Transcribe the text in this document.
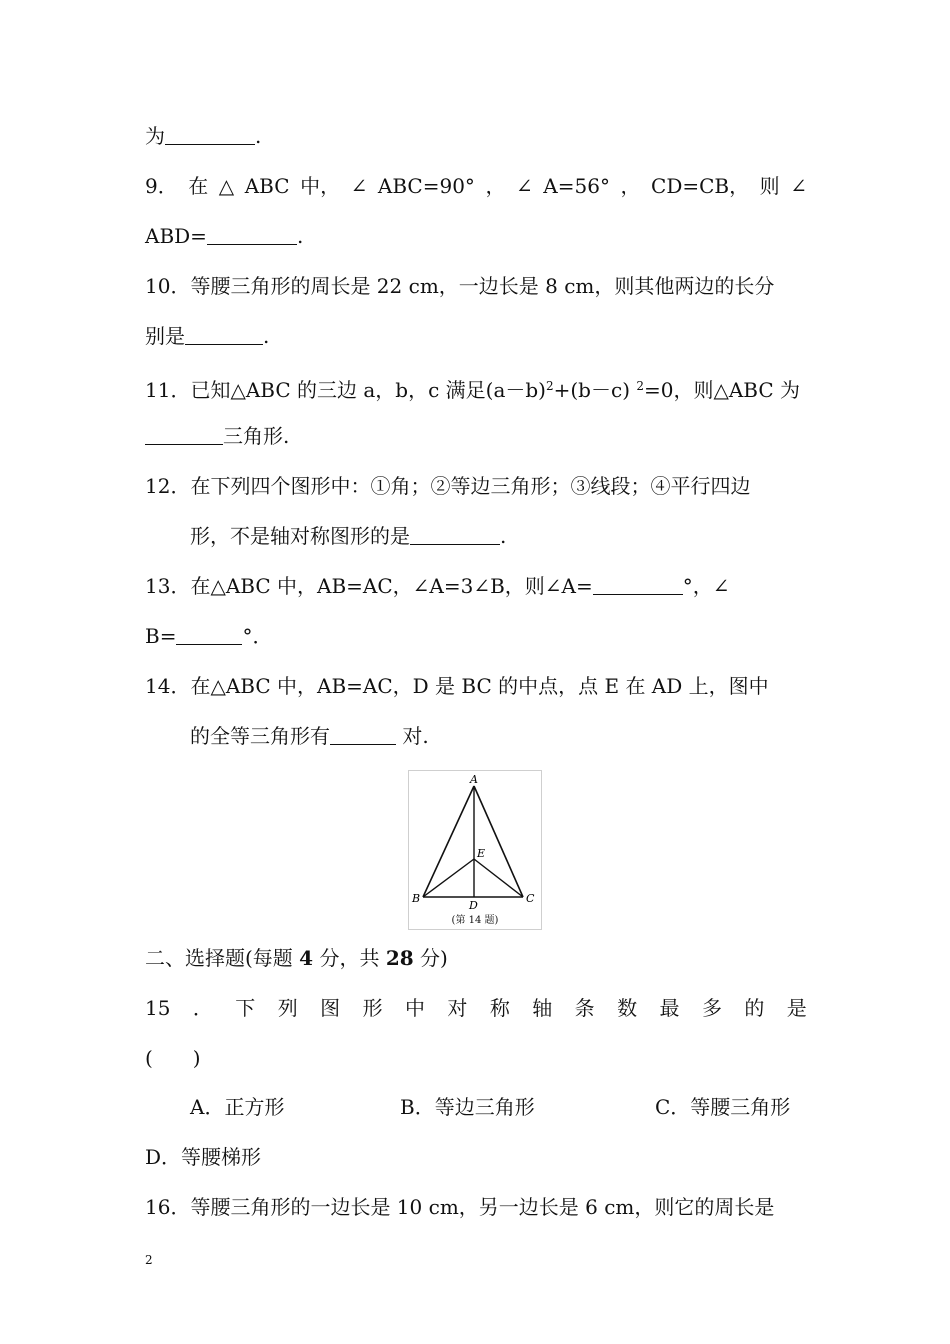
为	.
9． 在 △ ABC 中， ∠ ABC=90° ， ∠ A=56° ， CD=CB， 则 ∠
ABD=	.
10．等腰三角形的周长是 22 cm，一边长是 8 cm，则其他两边的长分
别是	.
11．已知△ABC 的三边 a，b，c 满足$(a-b)^2+(b-c)$ $^2$=0，则△ABC 为
三角形.
12．在下列四个图形中：①角；②等边三角形；③线段；④平行四边
形，不是轴对称图形的是	.
13．在△ABC 中，AB=AC，∠A=3∠B，则∠A=	°，∠
B=	°．
14．在△ABC 中，AB=AC，D 是 BC 的中点，点 E 在 AD 上，图中
的全等三角形有	对.
A
B	C
D
E
(第 14 题)
二、选择题(每题 4 分，共 28 分)
15 ． 下 列 图 形 中 对 称 轴 条 数 最 多 的 是
(　　)
A．正方形	B．等边三角形	C．等腰三角形
D．等腰梯形
16．等腰三角形的一边长是 10 cm，另一边长是 6 cm，则它的周长是
2
